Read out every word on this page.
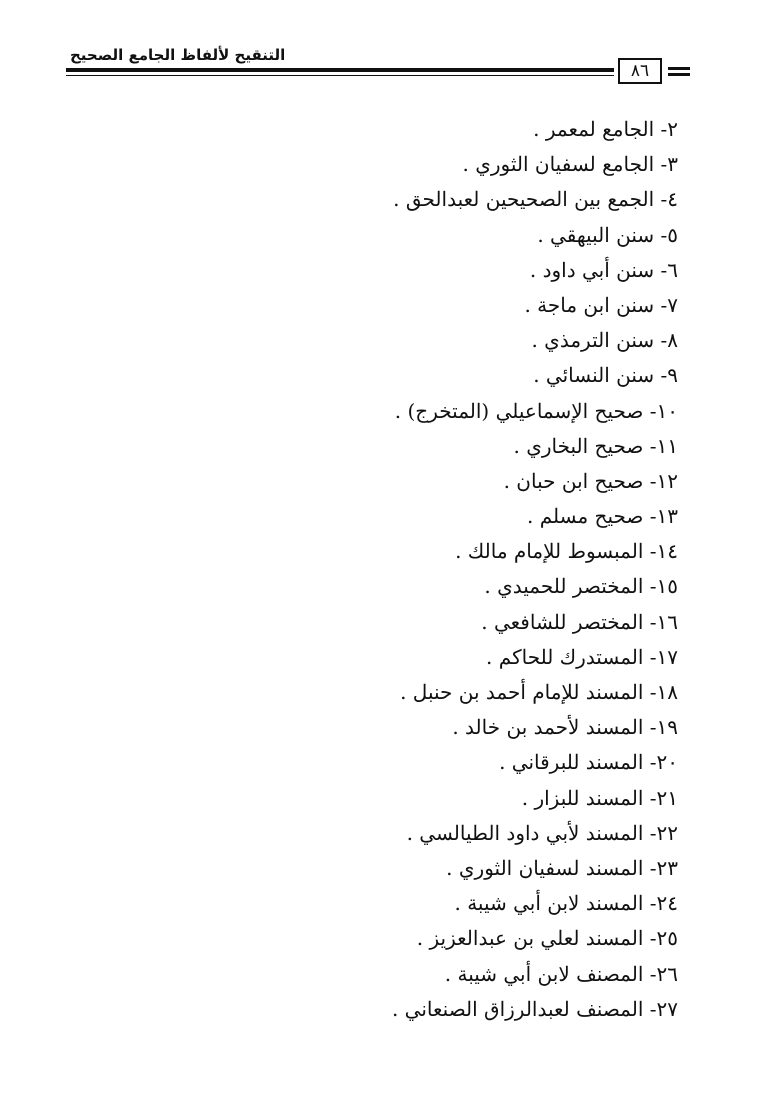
التنقيح لألفاظ الجامع الصحيح
٨٦
٢- الجامع لمعمر .
٣- الجامع لسفيان الثوري .
٤- الجمع بين الصحيحين لعبدالحق .
٥- سنن البيهقي .
٦- سنن أبي داود .
٧- سنن ابن ماجة .
٨- سنن الترمذي .
٩- سنن النسائي .
١٠- صحيح الإسماعيلي (المتخرج) .
١١- صحيح البخاري .
١٢- صحيح ابن حبان .
١٣- صحيح مسلم .
١٤- المبسوط للإمام مالك .
١٥- المختصر للحميدي .
١٦- المختصر للشافعي .
١٧- المستدرك للحاكم .
١٨- المسند للإمام أحمد بن حنبل .
١٩- المسند لأحمد بن خالد .
٢٠- المسند للبرقاني .
٢١- المسند للبزار .
٢٢- المسند لأبي داود الطيالسي .
٢٣- المسند لسفيان الثوري .
٢٤- المسند لابن أبي شيبة .
٢٥- المسند لعلي بن عبدالعزيز .
٢٦- المصنف لابن أبي شيبة .
٢٧- المصنف لعبدالرزاق الصنعاني .
